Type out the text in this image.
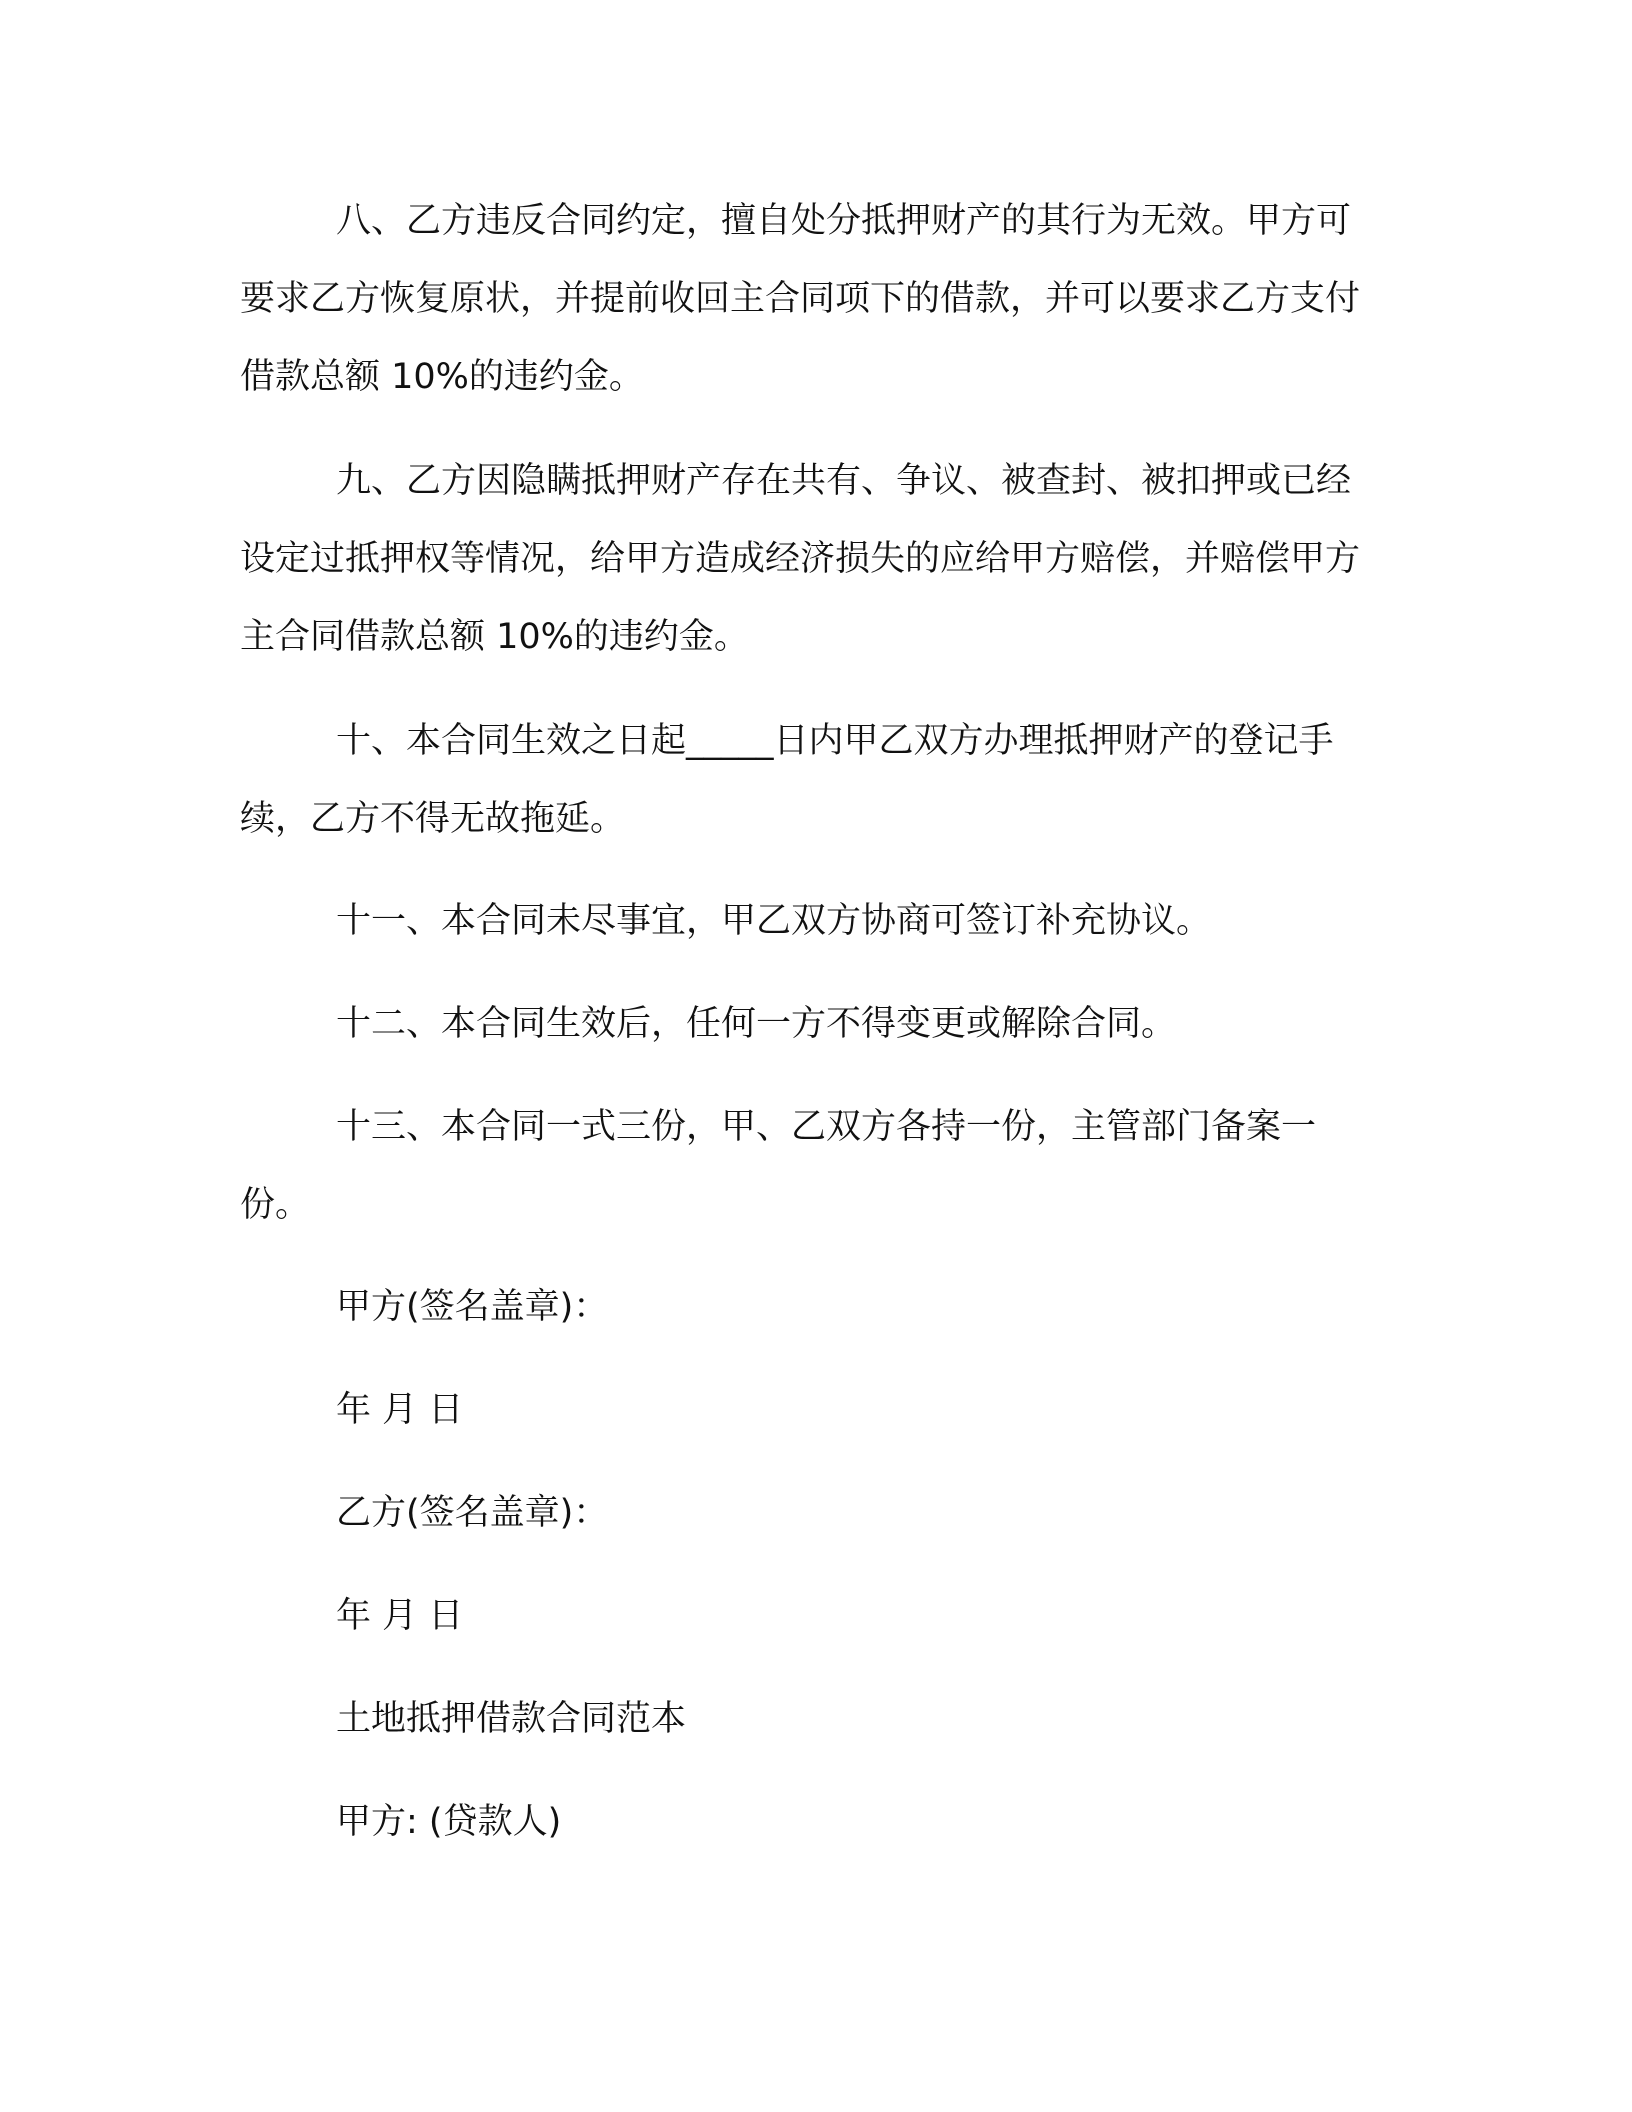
八、乙方违反合同约定，擅自处分抵押财产的其行为无效。甲方可要求乙方恢复原状，并提前收回主合同项下的借款，并可以要求乙方支付借款总额 10%的违约金。

九、乙方因隐瞒抵押财产存在共有、争议、被查封、被扣押或已经设定过抵押权等情况，给甲方造成经济损失的应给甲方赔偿，并赔偿甲方主合同借款总额 10%的违约金。

十、本合同生效之日起_____日内甲乙双方办理抵押财产的登记手续，乙方不得无故拖延。

十一、本合同未尽事宜，甲乙双方协商可签订补充协议。

十二、本合同生效后，任何一方不得变更或解除合同。

十三、本合同一式三份，甲、乙双方各持一份，主管部门备案一份。

甲方(签名盖章)：

年 月 日

乙方(签名盖章)：

年 月 日

土地抵押借款合同范本

甲方: (贷款人)
